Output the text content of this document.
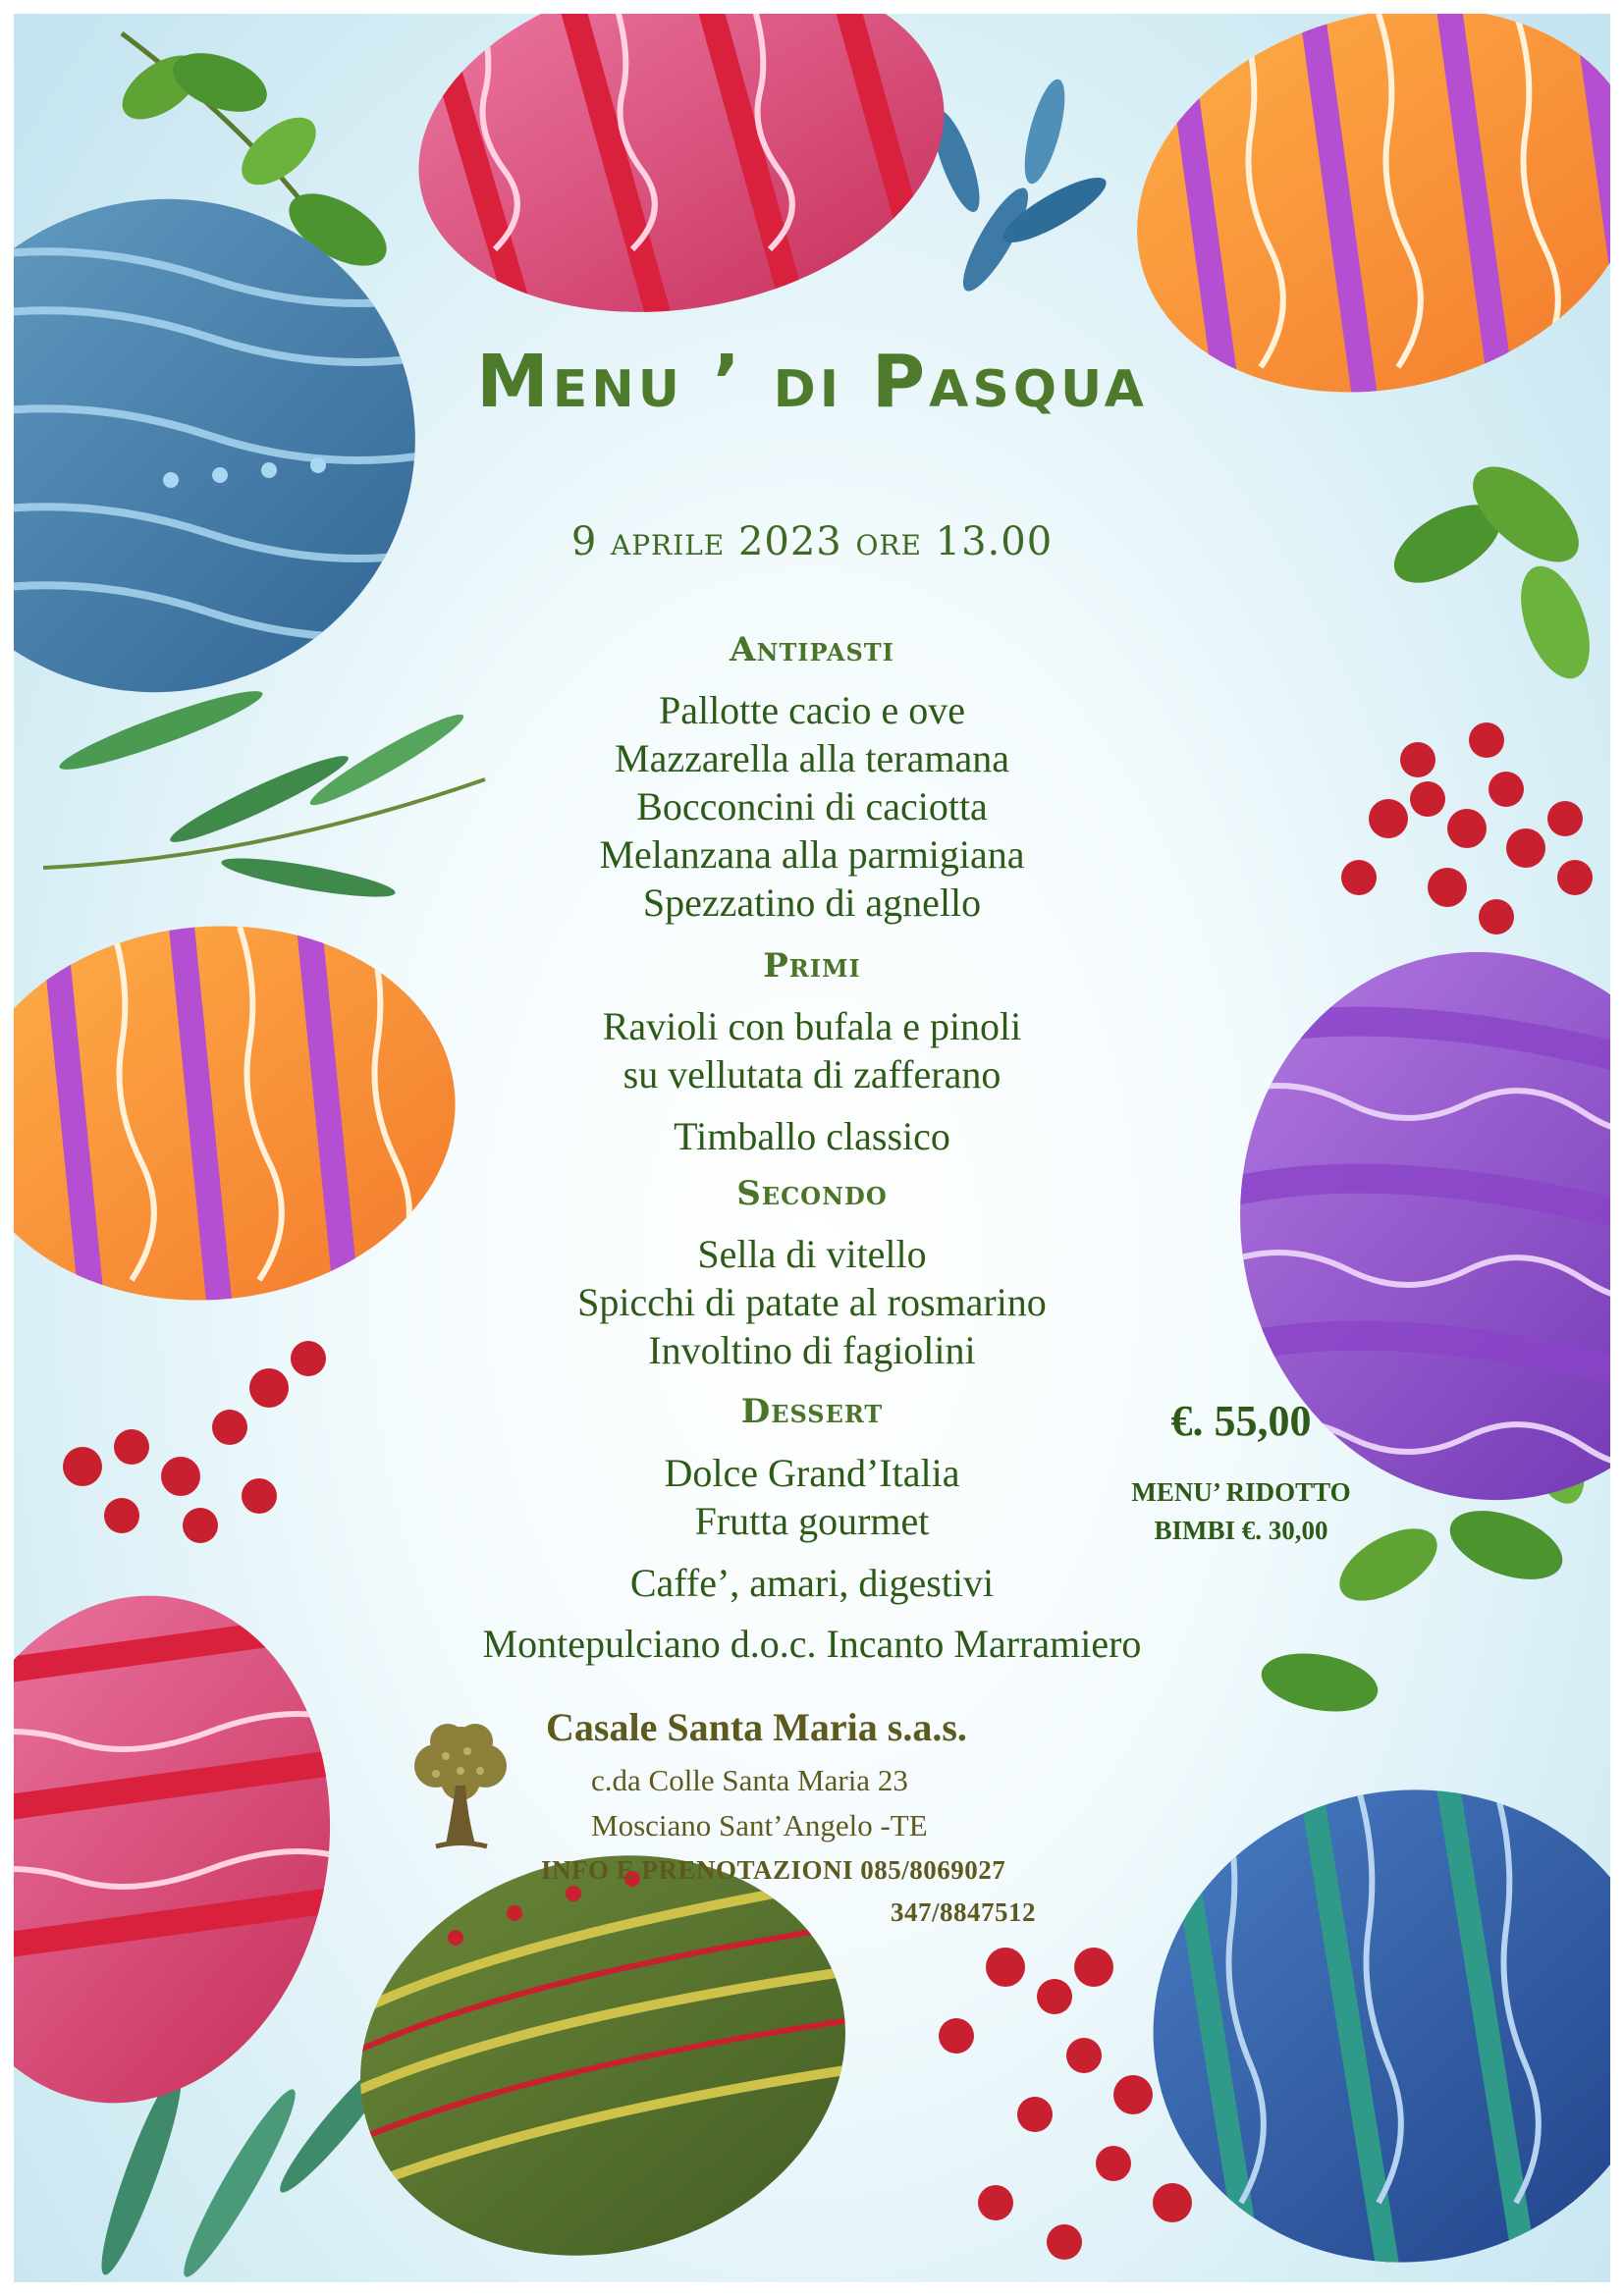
Menu ’ di Pasqua
9 aprile 2023 ore 13.00
Antipasti
Pallotte cacio e ove
Mazzarella alla teramana
Bocconcini di caciotta
Melanzana alla parmigiana
Spezzatino di agnello
Primi
Ravioli con bufala e pinoli
su vellutata di zafferano
Timballo classico
Secondo
Sella di vitello
Spicchi di patate al rosmarino
Involtino di fagiolini
Dessert
Dolce Grand’Italia
Frutta gourmet
Caffe’, amari, digestivi
Montepulciano d.o.c. Incanto Marramiero
€. 55,00
MENU’ RIDOTTO
BIMBI €. 30,00
Casale Santa Maria s.a.s.
c.da Colle Santa Maria 23
Mosciano Sant’Angelo -TE
INFO E PRENOTAZIONI 085/8069027
347/8847512
